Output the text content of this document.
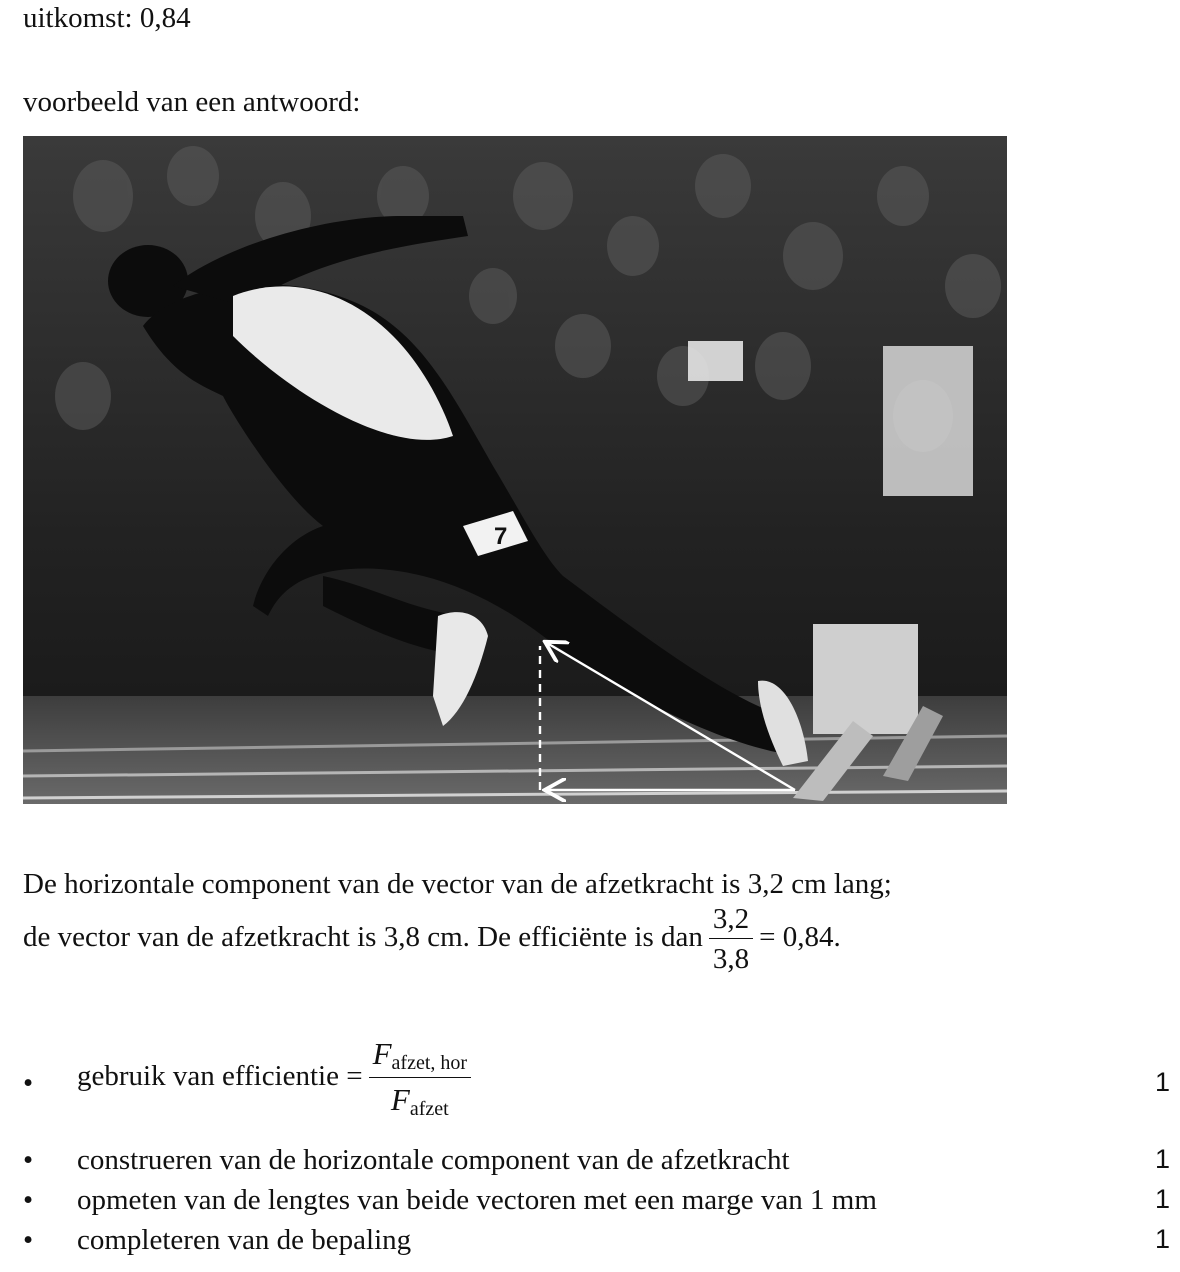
uitkomst: 0,84
voorbeeld van een antwoord:
7
De horizontale component van de vector van de afzetkracht is 3,2 cm lang;
de vector van de afzetkracht is 3,8 cm. De efficiënte is dan $\frac{3,2}{3,8} = 0,84$.
• gebruik van efficientie = $\frac{F_{afzet, hor}}{F_{afzet}}$	1
• construeren van de horizontale component van de afzetkracht	1
• opmeten van de lengtes van beide vectoren met een marge van 1 mm	1
• completeren van de bepaling	1
